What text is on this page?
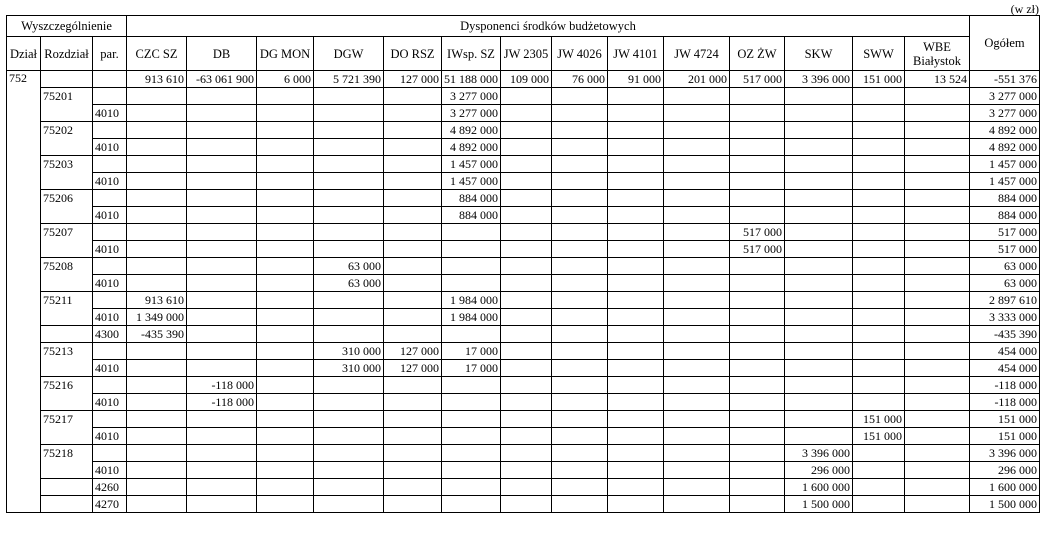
(w zł)
Wyszczególnienie			Dysponenci środków budżetowych														Ogółem
Dział	Rozdział	par.	CZC SZ	DB	DG MON	DGW	DO RSZ	IWsp. SZ	JW 2305	JW 4026	JW 4101	JW 4724	OZ ŻW	SKW	SWW	WBE Białystok	
752			913 610	-63 061 900	6 000	5 721 390	127 000	51 188 000	109 000	76 000	91 000	201 000	517 000	3 396 000	151 000	13 524	-551 376
	75201							3 277 000									3 277 000
		4010						3 277 000									3 277 000
	75202							4 892 000									4 892 000
		4010						4 892 000									4 892 000
	75203							1 457 000									1 457 000
		4010						1 457 000									1 457 000
	75206							884 000									884 000
		4010						884 000									884 000
	75207												517 000				517 000
		4010											517 000				517 000
	75208					63 000											63 000
		4010				63 000											63 000
	75211		913 610					1 984 000									2 897 610
		4010	1 349 000					1 984 000									3 333 000
		4300	-435 390														-435 390
	75213					310 000	127 000	17 000									454 000
		4010				310 000	127 000	17 000									454 000
	75216			-118 000													-118 000
		4010		-118 000													-118 000
	75217														151 000		151 000
		4010													151 000		151 000
	75218													3 396 000			3 396 000
		4010												296 000			296 000
		4260												1 600 000			1 600 000
		4270												1 500 000			1 500 000
